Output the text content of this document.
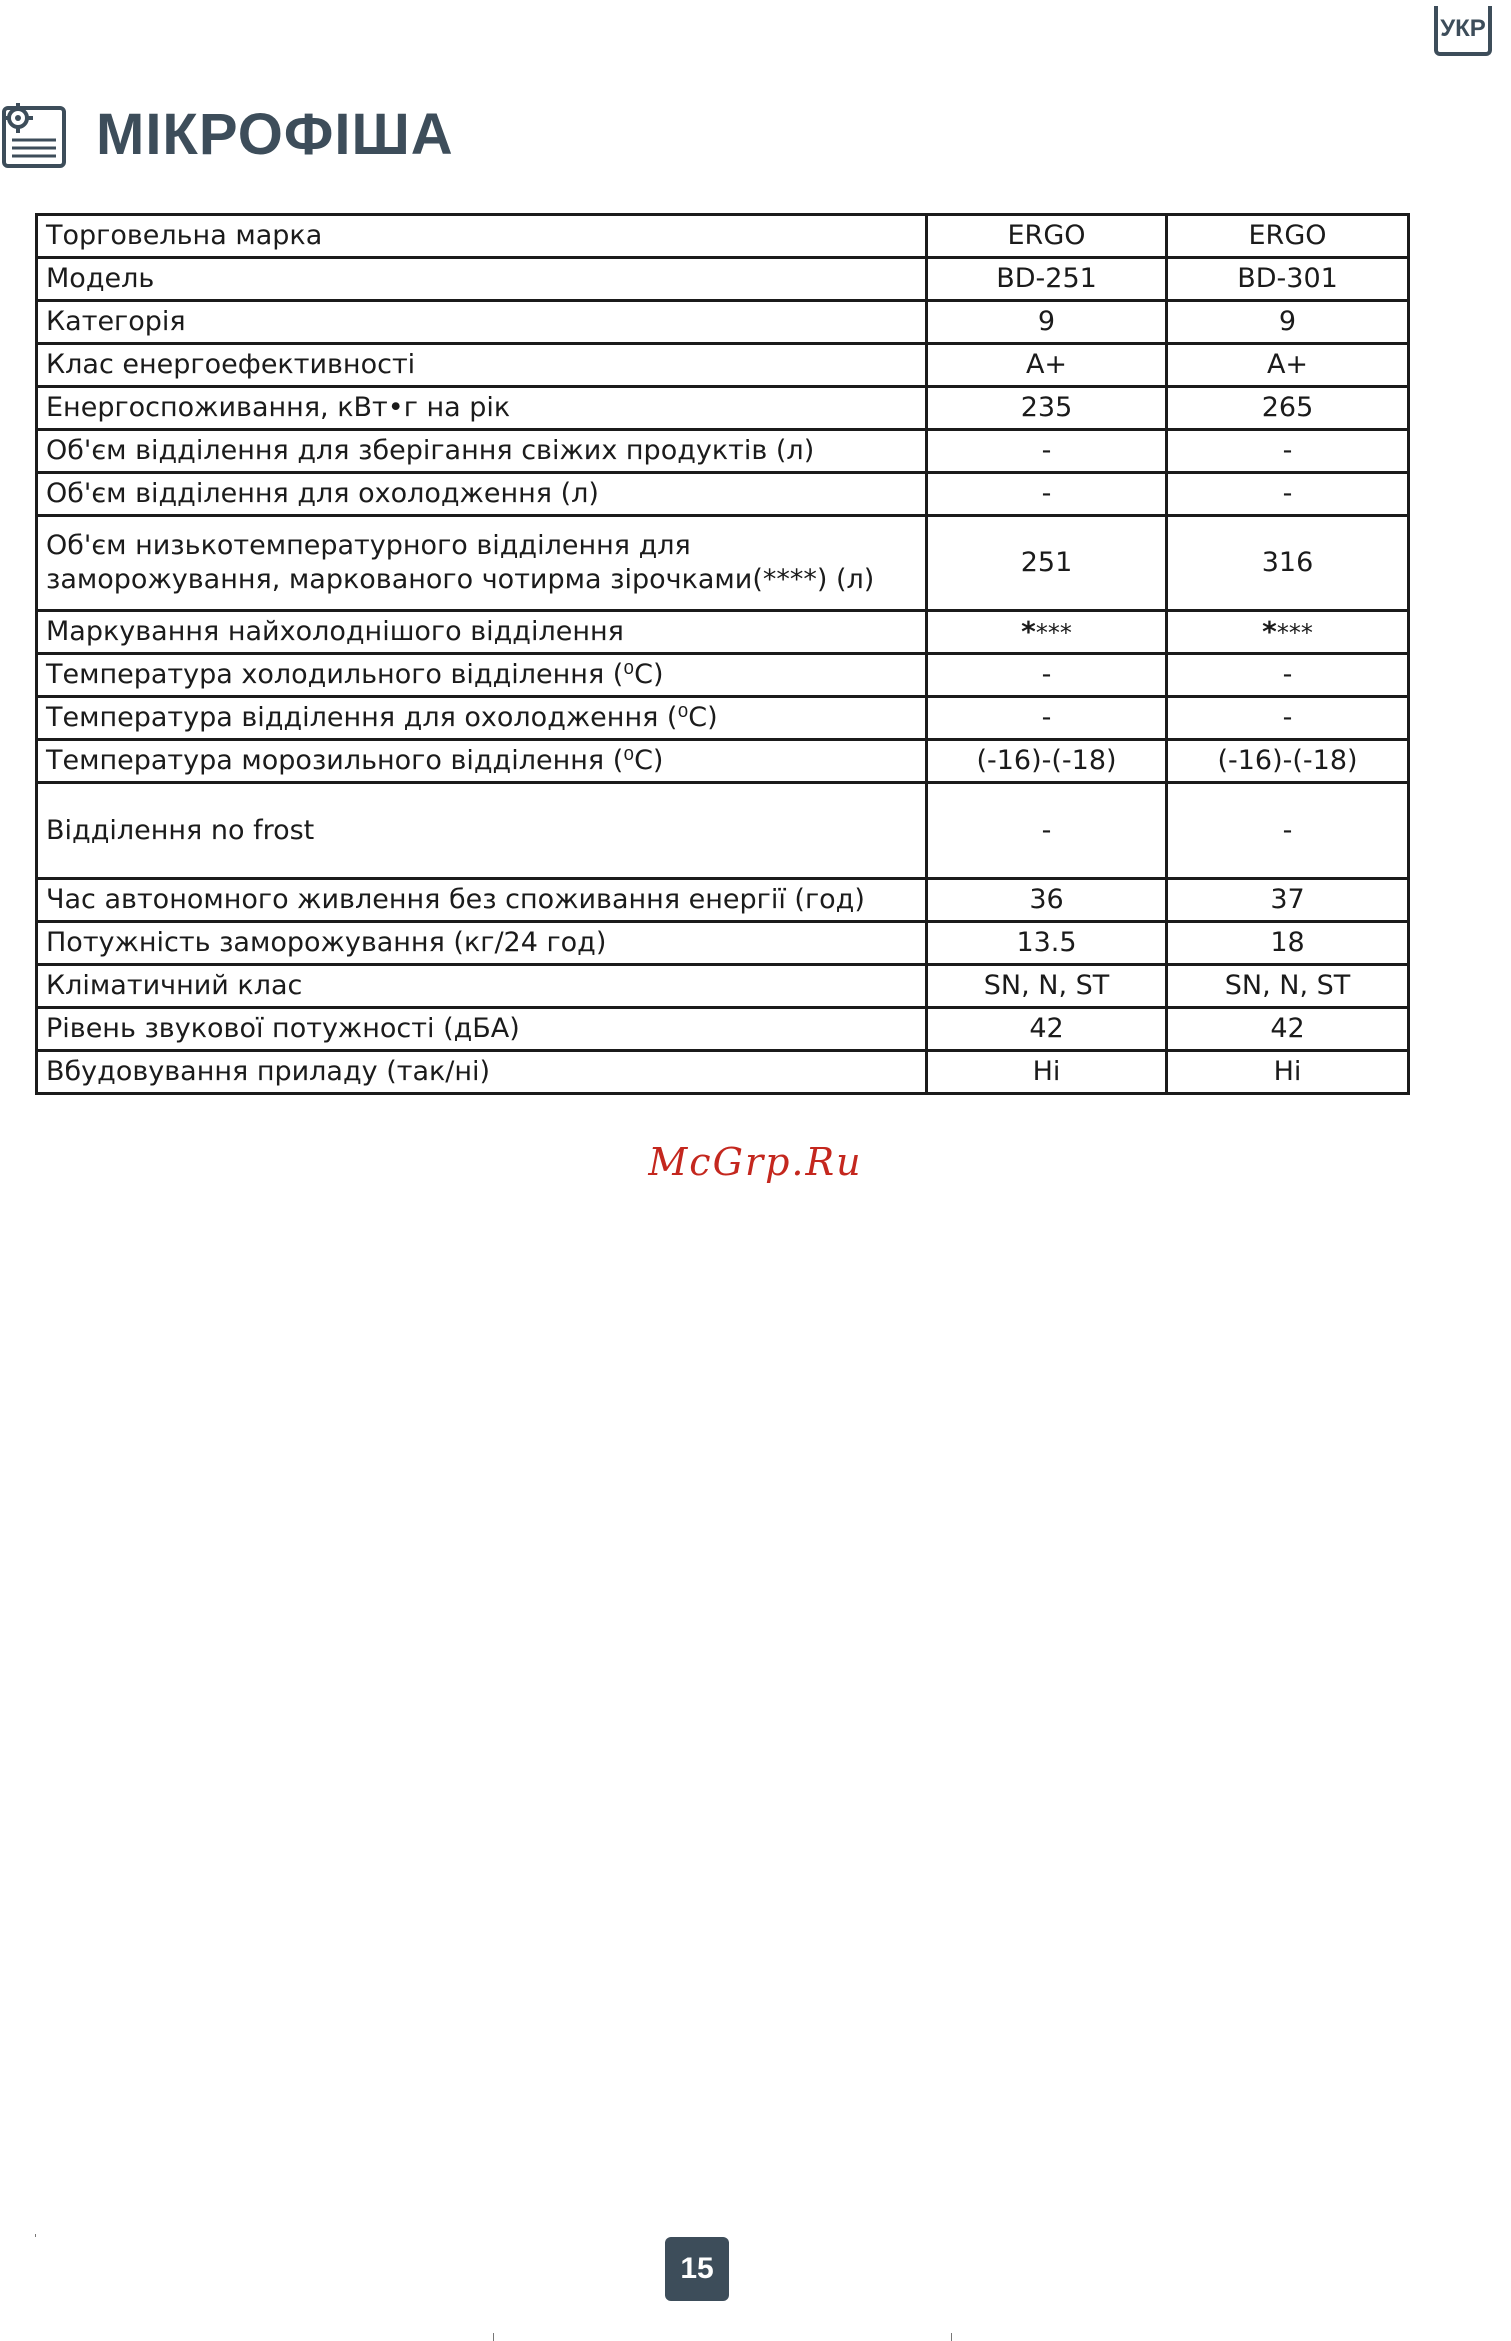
УКР
МІКРОФІША
Торговельна марка	ERGO	ERGO
Модель	BD-251	BD-301
Категорія	9	9
Клас енергоефективності	A+	A+
Енергоспоживання, кВт•г на рік	235	265
Об'єм відділення для зберігання свіжих продуктів (л)	-	-
Об'єм відділення для охолодження (л)	-	-
Об'єм низькотемпературного відділення для
заморожування, маркованого чотирма зірочками(****) (л)	251	316
Маркування найхолоднішого відділення	****	****
Температура холодильного відділення (⁰С)	-	-
Температура відділення для охолодження (⁰С)	-	-
Температура морозильного відділення (⁰С)	(-16)-(-18)	(-16)-(-18)
Відділення no frost	-	-
Час автономного живлення без споживання енергії (год)	36	37
Потужність заморожування (кг/24 год)	13.5	18
Кліматичний клас	SN, N, ST	SN, N, ST
Рівень звукової потужності (дБА)	42	42
Вбудовування приладу (так/ні)	Ні	Ні
McGrp.Ru
15
